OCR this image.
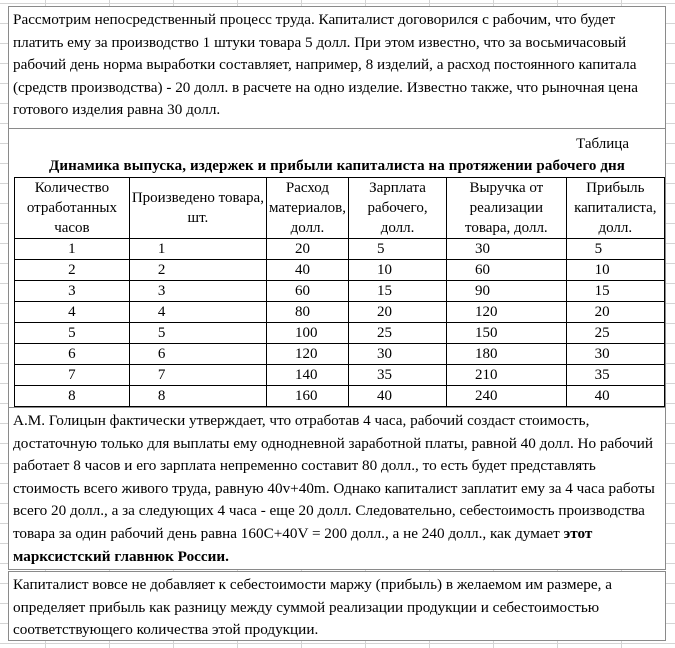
Рассмотрим непосредственный процесс труда. Капиталист договорился с рабочим, что будет платить ему за производство 1 штуки товара 5 долл. При этом известно, что за восьмичасовый рабочий день норма выработки составляет, например, 8 изделий, а расход постоянного капитала (средств производства) - 20 долл. в расчете на одно изделие. Известно также, что рыночная цена готового изделия равна 30 долл.
Таблица
Динамика выпуска, издержек и прибыли капиталиста на протяжении рабочего дня
Количество отработанных часов	Произведено товара, шт.	Расход материалов, долл.	Зарплата рабочего, долл.	Выручка от реализации товара, долл.	Прибыль капиталиста, долл.
1	1	20	5	30	5
2	2	40	10	60	10
3	3	60	15	90	15
4	4	80	20	120	20
5	5	100	25	150	25
6	6	120	30	180	30
7	7	140	35	210	35
8	8	160	40	240	40
А.М. Голицын фактически утверждает, что отработав 4 часа, рабочий создаст стоимость, достаточную только для выплаты ему однодневной заработной платы, равной 40 долл. Но рабочий работает 8 часов и его зарплата непременно составит 80 долл., то есть будет представлять стоимость всего живого труда, равную 40v+40m. Однако капиталист заплатит ему за 4 часа работы всего 20 долл., а за следующих 4 часа - еще 20 долл. Следовательно, себестоимость производства товара за один рабочий день равна 160С+40V = 200 долл., а не 240 долл., как думает этот марксистский главнюк России.
Капиталист вовсе не добавляет к себестоимости маржу (прибыль) в желаемом им размере, а определяет прибыль как разницу между суммой реализации продукции и себестоимостью соответствующего количества этой продукции.
